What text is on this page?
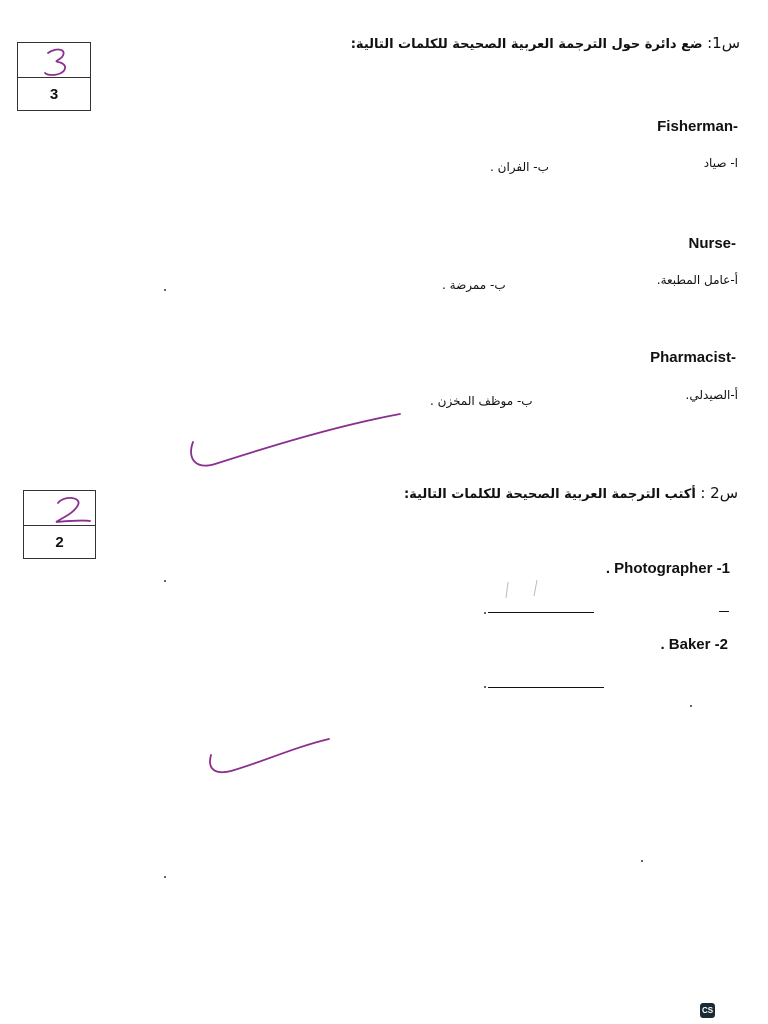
س1: ضع دائرة حول الترجمة العربية الصحيحة للكلمات التالية:
3
Fisherman-
ا- صياد
ب- الفران .
Nurse-
أ-عامل المطبعة.
ب- ممرضة .
Pharmacist-
أ-الصيدلي.
ب- موظف المخزن .
س2 : أكتب الترجمة العربية الصحيحة للكلمات التالية:
2
. Photographer -1
. Baker -2
CS
